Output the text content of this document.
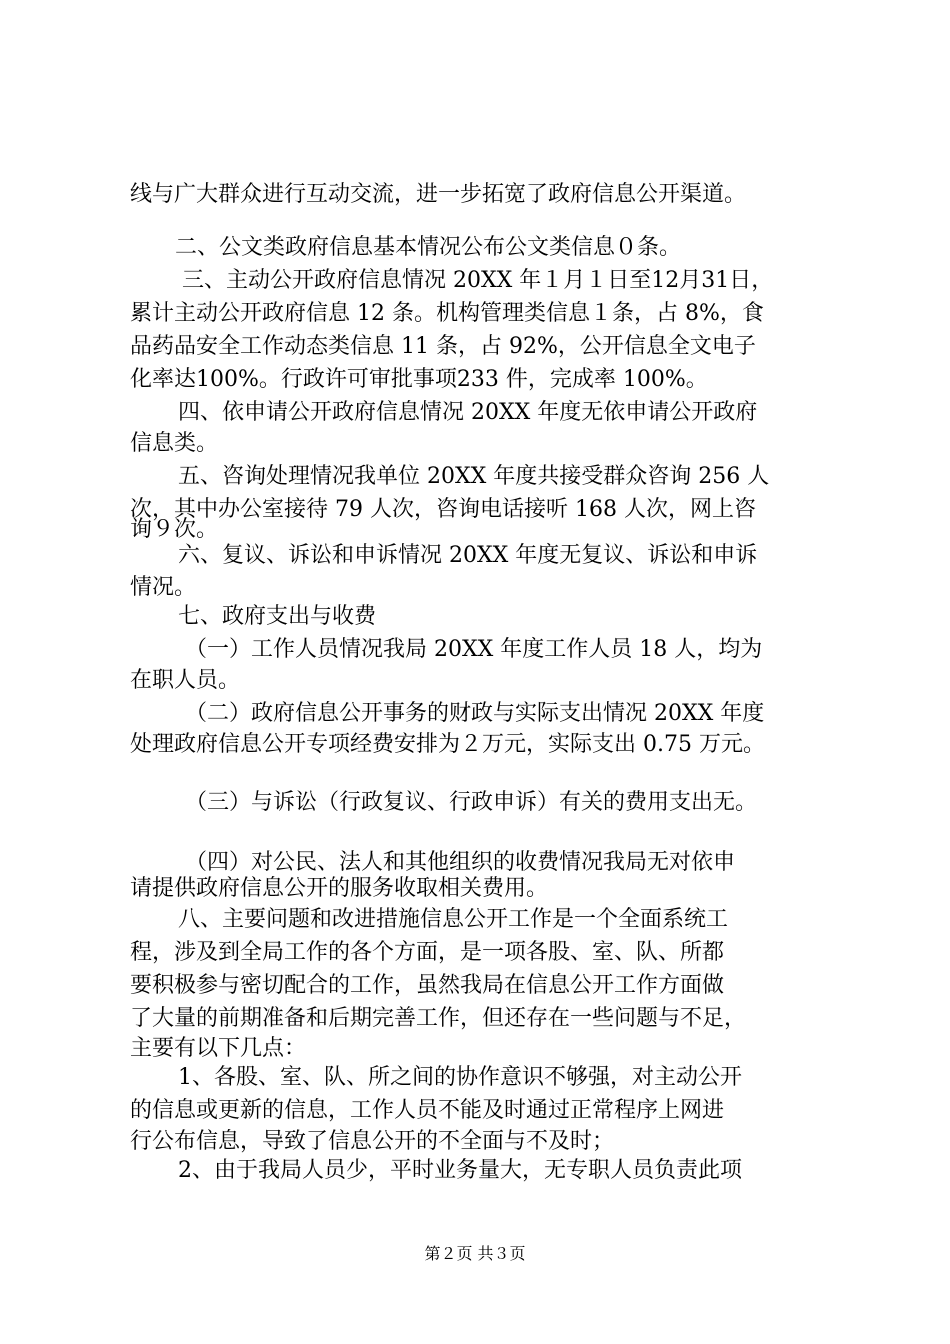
线与广大群众进行互动交流，进一步拓宽了政府信息公开渠道。
二、公文类政府信息基本情况公布公文类信息０条。
三、主动公开政府信息情况 20XX 年１月１日至12月31日，
累计主动公开政府信息 12 条。机构管理类信息１条，占 8%，食
品药品安全工作动态类信息 11 条，占 92%，公开信息全文电子
化率达100%。行政许可审批事项233 件，完成率 100%。
四、依申请公开政府信息情况 20XX 年度无依申请公开政府
信息类。
五、咨询处理情况我单位 20XX 年度共接受群众咨询 256 人
次，其中办公室接待 79 人次，咨询电话接听 168 人次，网上咨
询９次。
六、复议、诉讼和申诉情况 20XX 年度无复议、诉讼和申诉
情况。
七、政府支出与收费
（一）工作人员情况我局 20XX 年度工作人员 18 人，均为
在职人员。
（二）政府信息公开事务的财政与实际支出情况 20XX 年度
处理政府信息公开专项经费安排为２万元，实际支出 0.75 万元。
（三）与诉讼（行政复议、行政申诉）有关的费用支出无。
（四）对公民、法人和其他组织的收费情况我局无对依申
请提供政府信息公开的服务收取相关费用。
八、主要问题和改进措施信息公开工作是一个全面系统工
程，涉及到全局工作的各个方面，是一项各股、室、队、所都
要积极参与密切配合的工作，虽然我局在信息公开工作方面做
了大量的前期准备和后期完善工作，但还存在一些问题与不足，
主要有以下几点：
1、各股、室、队、所之间的协作意识不够强，对主动公开
的信息或更新的信息，工作人员不能及时通过正常程序上网进
行公布信息，导致了信息公开的不全面与不及时；
2、由于我局人员少，平时业务量大，无专职人员负责此项
第２页 共３页
